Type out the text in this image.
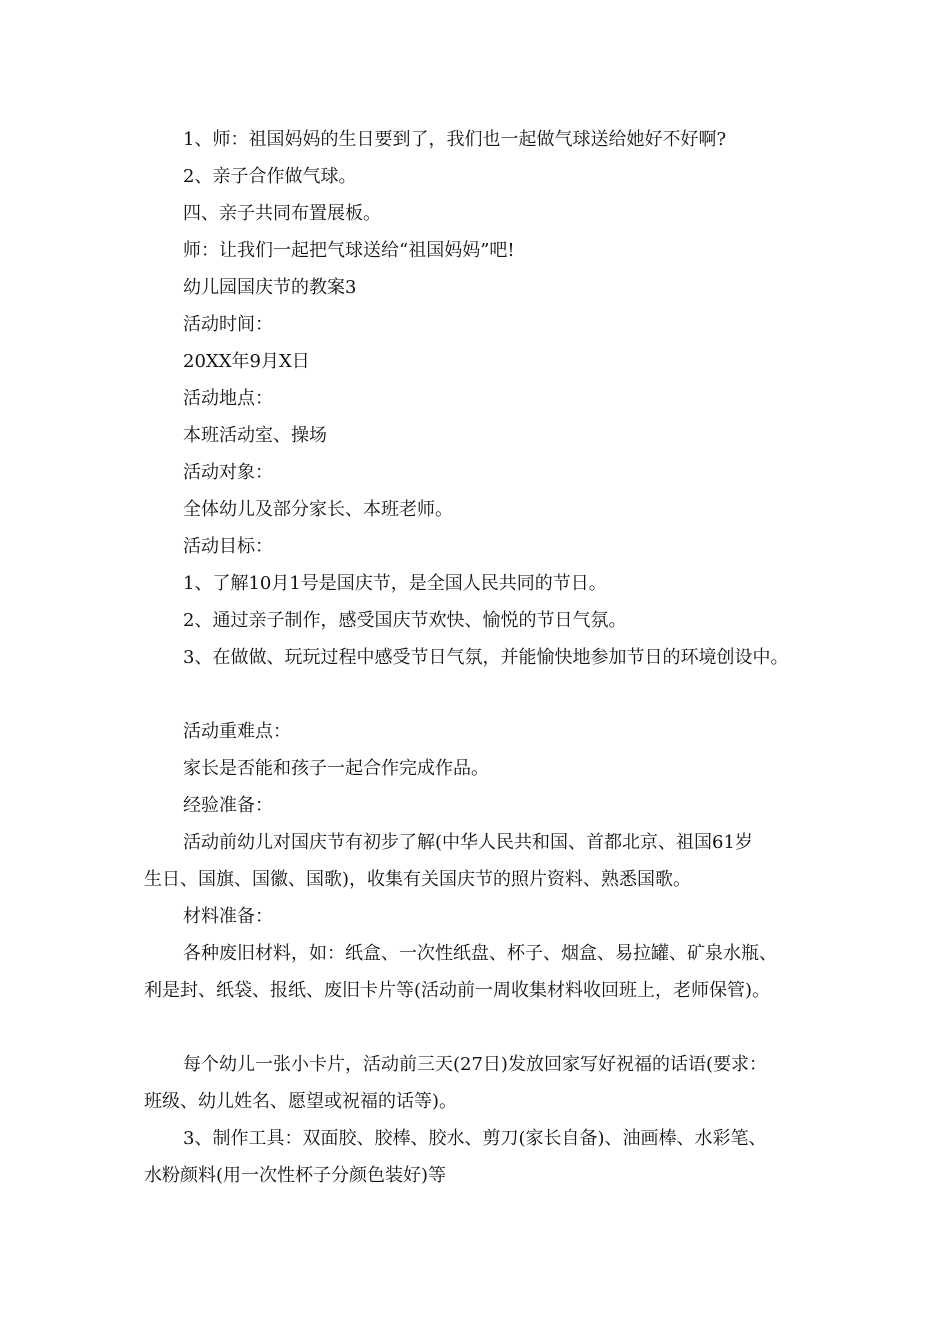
1、师：祖国妈妈的生日要到了，我们也一起做气球送给她好不好啊?
2、亲子合作做气球。
四、亲子共同布置展板。
师：让我们一起把气球送给“祖国妈妈”吧!
幼儿园国庆节的教案3
活动时间：
20XX年9月X日
活动地点：
本班活动室、操场
活动对象：
全体幼儿及部分家长、本班老师。
活动目标：
1、了解10月1号是国庆节，是全国人民共同的节日。
2、通过亲子制作，感受国庆节欢快、愉悦的节日气氛。
3、在做做、玩玩过程中感受节日气氛，并能愉快地参加节日的环境创设中。
活动重难点：
家长是否能和孩子一起合作完成作品。
经验准备：
活动前幼儿对国庆节有初步了解(中华人民共和国、首都北京、祖国61岁
生日、国旗、国徽、国歌)，收集有关国庆节的照片资料、熟悉国歌。
材料准备：
各种废旧材料，如：纸盒、一次性纸盘、杯子、烟盒、易拉罐、矿泉水瓶、
利是封、纸袋、报纸、废旧卡片等(活动前一周收集材料收回班上，老师保管)。
每个幼儿一张小卡片，活动前三天(27日)发放回家写好祝福的话语(要求：
班级、幼儿姓名、愿望或祝福的话等)。
3、制作工具：双面胶、胶棒、胶水、剪刀(家长自备)、油画棒、水彩笔、
水粉颜料(用一次性杯子分颜色装好)等
